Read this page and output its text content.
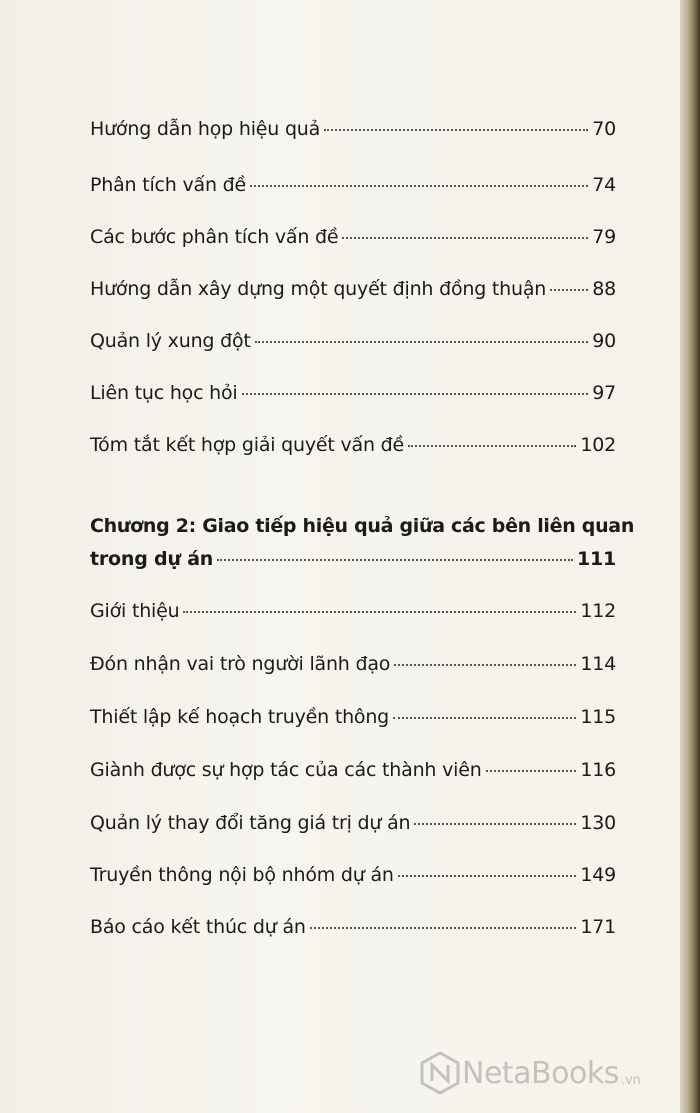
Hướng dẫn họp hiệu quả	70
Phân tích vấn đề	74
Các bước phân tích vấn đề	79
Hướng dẫn xây dựng một quyết định đồng thuận 88
Quản lý xung đột	90
Liên tục học hỏi	97
Tóm tắt kết hợp giải quyết vấn đề	102
Chương 2: Giao tiếp hiệu quả giữa các bên liên quan
trong dự án	111
Giới thiệu	112
Đón nhận vai trò người lãnh đạo	114
Thiết lập kế hoạch truyền thông	115
Giành được sự hợp tác của các thành viên	116
Quản lý thay đổi tăng giá trị dự án	130
Truyền thông nội bộ nhóm dự án	149
Báo cáo kết thúc dự án	171
NetaBooks .vn
